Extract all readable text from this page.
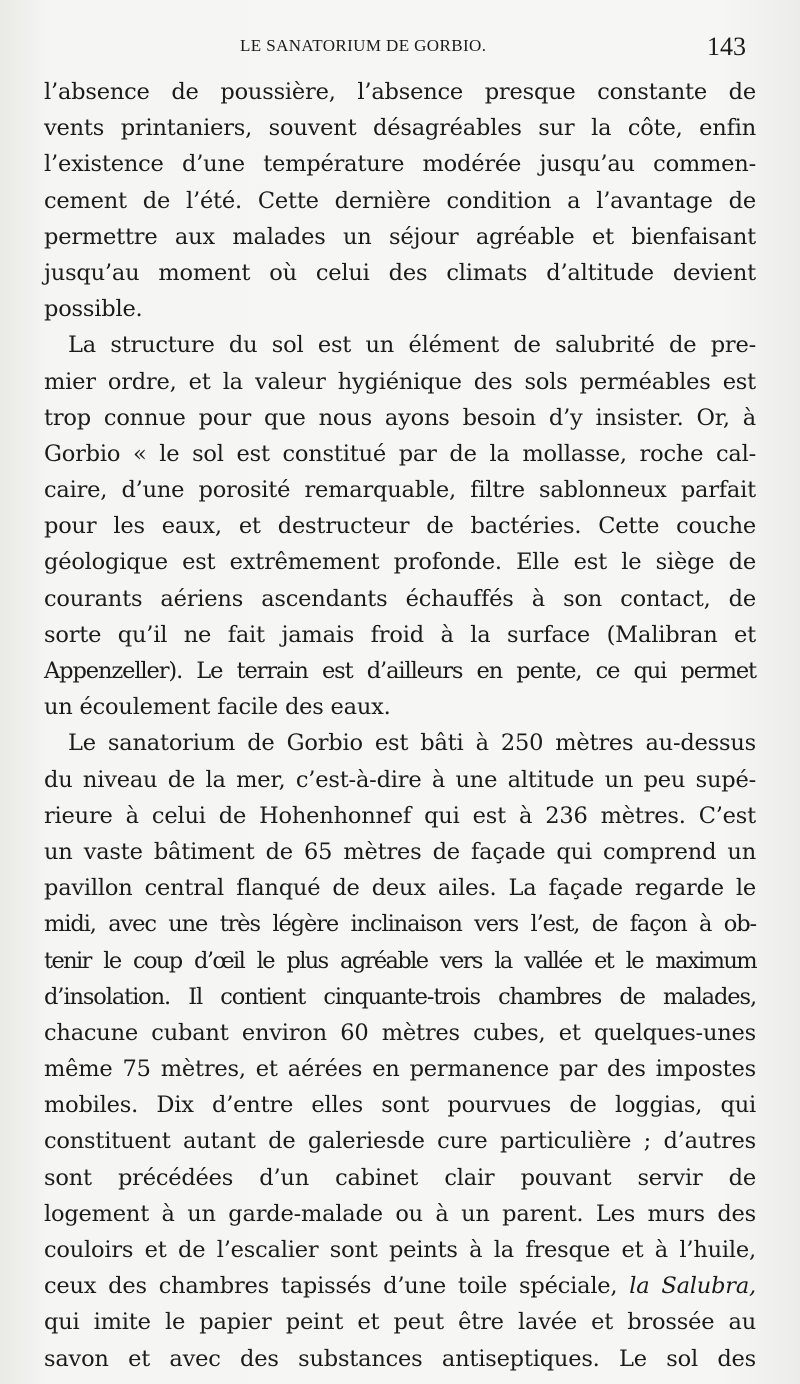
LE SANATORIUM DE GORBIO.	143
l’absence de poussière, l’absence presque constante de
vents printaniers, souvent désagréables sur la côte, enfin
l’existence d’une température modérée jusqu’au commen-
cement de l’été. Cette dernière condition a l’avantage de
permettre aux malades un séjour agréable et bienfaisant
jusqu’au moment où celui des climats d’altitude devient
possible.
La structure du sol est un élément de salubrité de pre-
mier ordre, et la valeur hygiénique des sols perméables est
trop connue pour que nous ayons besoin d’y insister. Or, à
Gorbio « le sol est constitué par de la mollasse, roche cal-
caire, d’une porosité remarquable, filtre sablonneux parfait
pour les eaux, et destructeur de bactéries. Cette couche
géologique est extrêmement profonde. Elle est le siège de
courants aériens ascendants échauffés à son contact, de
sorte qu’il ne fait jamais froid à la surface (Malibran et
Appenzeller). Le terrain est d’ailleurs en pente, ce qui permet
un écoulement facile des eaux.
Le sanatorium de Gorbio est bâti à 250 mètres au-dessus
du niveau de la mer, c’est-à-dire à une altitude un peu supé-
rieure à celui de Hohenhonnef qui est à 236 mètres. C’est
un vaste bâtiment de 65 mètres de façade qui comprend un
pavillon central flanqué de deux ailes. La façade regarde le
midi, avec une très légère inclinaison vers l’est, de façon à ob-
tenir le coup d’œil le plus agréable vers la vallée et le maximum
d’insolation. Il contient cinquante-trois chambres de malades,
chacune cubant environ 60 mètres cubes, et quelques-unes
même 75 mètres, et aérées en permanence par des impostes
mobiles. Dix d’entre elles sont pourvues de loggias, qui
constituent autant de galeriesde cure particulière ; d’autres
sont précédées d’un cabinet clair pouvant servir de
logement à un garde-malade ou à un parent. Les murs des
couloirs et de l’escalier sont peints à la fresque et à l’huile,
ceux des chambres tapissés d’une toile spéciale, la Salubra,
qui imite le papier peint et peut être lavée et brossée au
savon et avec des substances antiseptiques. Le sol des
